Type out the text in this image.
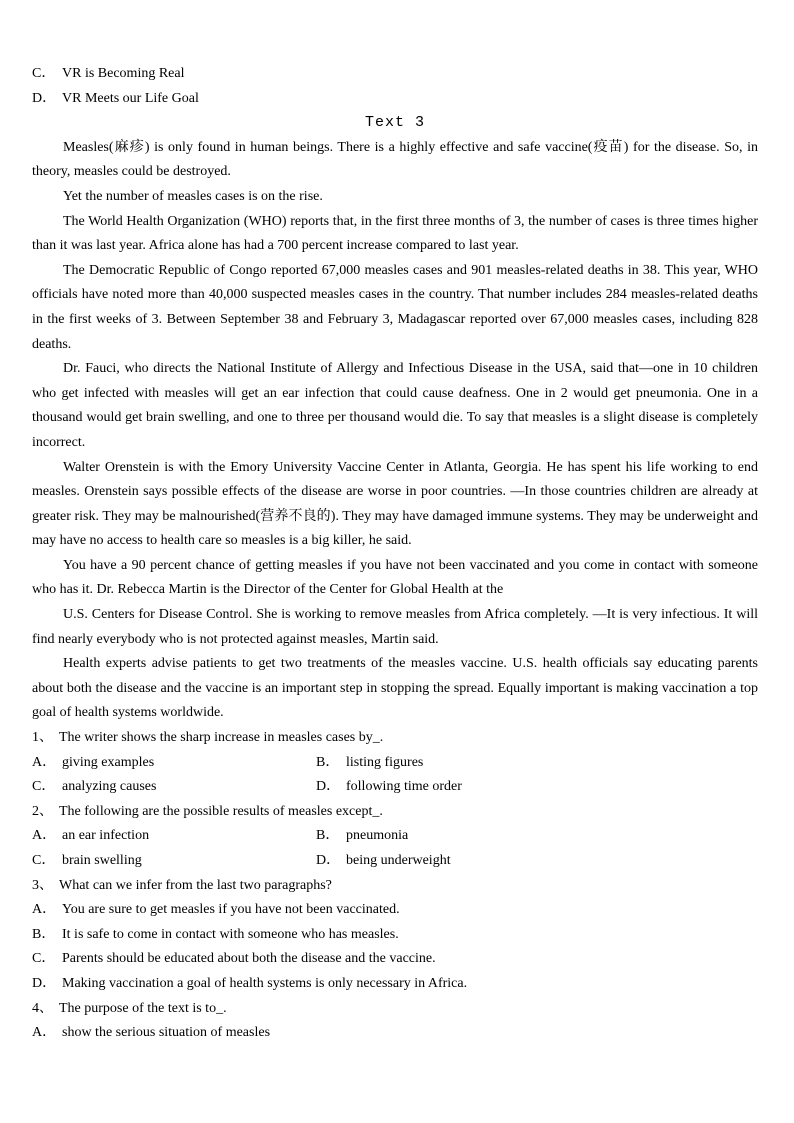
C． VR is Becoming Real
D． VR Meets our Life Goal
Text 3

Measles(麻疹) is only found in human beings. There is a highly effective and safe vaccine(疫苗) for the disease. So, in theory, measles could be destroyed.

Yet the number of measles cases is on the rise.

The World Health Organization (WHO) reports that, in the first three months of 3, the number of cases is three times higher than it was last year. Africa alone has had a 700 percent increase compared to last year.

The Democratic Republic of Congo reported 67,000 measles cases and 901 measles-related deaths in 38. This year, WHO officials have noted more than 40,000 suspected measles cases in the country. That number includes 284 measles-related deaths in the first weeks of 3. Between September 38 and February 3, Madagascar reported over 67,000 measles cases, including 828 deaths.

Dr. Fauci, who directs the National Institute of Allergy and Infectious Disease in the USA, said that—one in 10 children who get infected with measles will get an ear infection that could cause deafness. One in 2 would get pneumonia. One in a thousand would get brain swelling, and one to three per thousand would die. To say that measles is a slight disease is completely incorrect.

Walter Orenstein is with the Emory University Vaccine Center in Atlanta, Georgia. He has spent his life working to end measles. Orenstein says possible effects of the disease are worse in poor countries. —In those countries children are already at greater risk. They may be malnourished(营养不良的). They may have damaged immune systems. They may be underweight and may have no access to health care so measles is a big killer, he said.

You have a 90 percent chance of getting measles if you have not been vaccinated and you come in contact with someone who has it. Dr. Rebecca Martin is the Director of the Center for Global Health at the

U.S. Centers for Disease Control. She is working to remove measles from Africa completely. —It is very infectious. It will find nearly everybody who is not protected against measles, Martin said.

Health experts advise patients to get two treatments of the measles vaccine. U.S. health officials say educating parents about both the disease and the vaccine is an important step in stopping the spread. Equally important is making vaccination a top goal of health systems worldwide.

1、 The writer shows the sharp increase in measles cases by_.
A． giving examples	B． listing figures
C． analyzing causes	D． following time order
2、 The following are the possible results of measles except_.
A． an ear infection	B． pneumonia
C． brain swelling	D． being underweight
3、 What can we infer from the last two paragraphs?
A． You are sure to get measles if you have not been vaccinated.
B． It is safe to come in contact with someone who has measles.
C． Parents should be educated about both the disease and the vaccine.
D． Making vaccination a goal of health systems is only necessary in Africa.
4、 The purpose of the text is to_.
A． show the serious situation of measles
